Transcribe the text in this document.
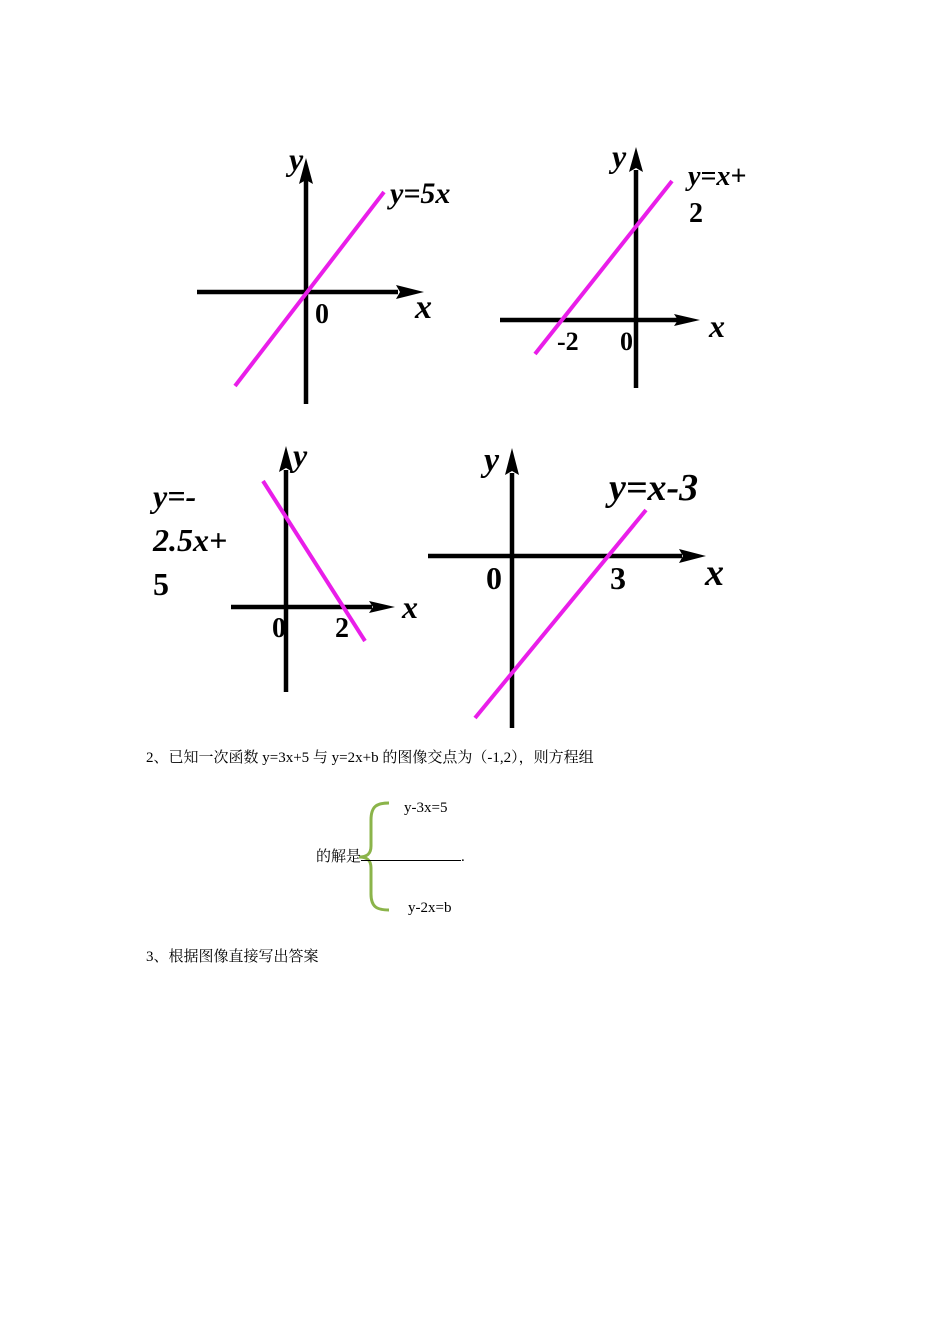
y
x
0
y=5x
y
x
0
-2
y=x+
2
y
x
0 2
y=-
2.5x+
5
y
x
0	3
y=x-3
2、已知一次函数 y=3x+5 与 y=2x+b 的图像交点为（-1,2），则方程组
y-3x=5
的解是	.
y-2x=b
3、根据图像直接写出答案
